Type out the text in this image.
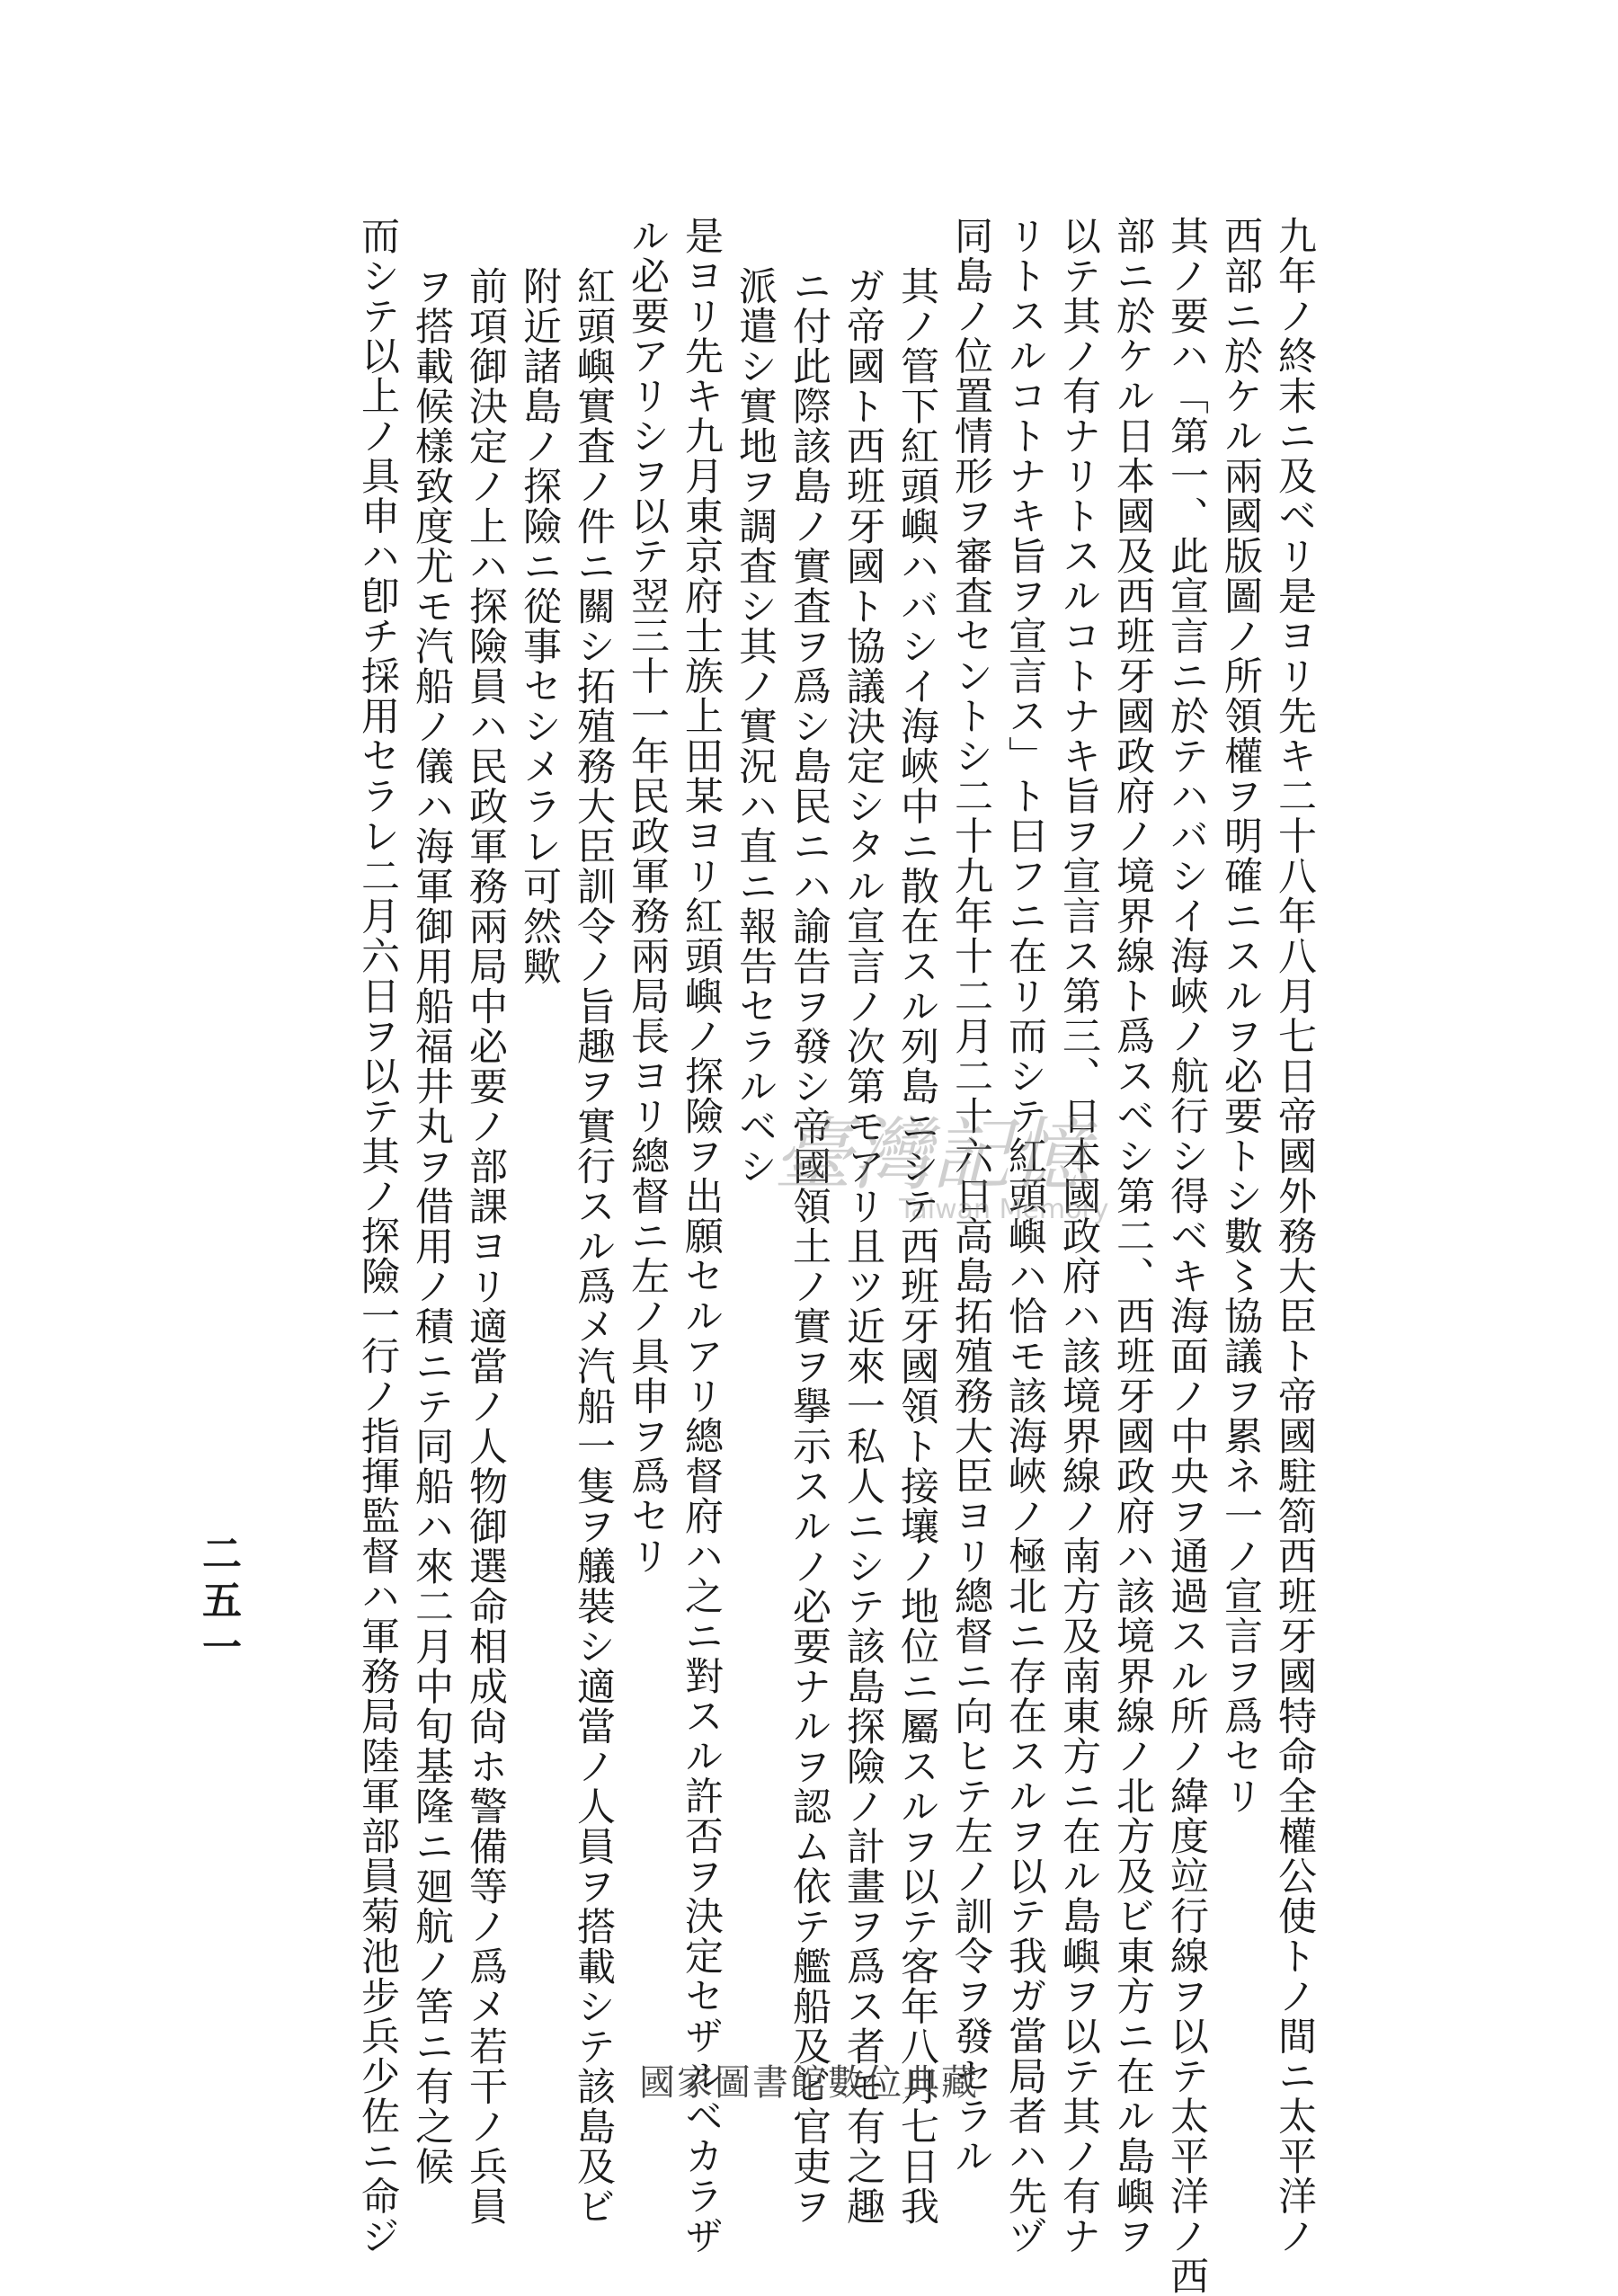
九年ノ終末ニ及ベリ是ヨリ先キ二十八年八月七日帝國外務大臣ト帝國駐箚西班牙國特命全權公使トノ間ニ太平洋ノ
西部ニ於ケル兩國版圖ノ所領權ヲ明確ニスルヲ必要トシ數〻協議ヲ累ネ一ノ宣言ヲ爲セリ
其ノ要ハ「第一、此宣言ニ於テハバシイ海峽ノ航行シ得ベキ海面ノ中央ヲ通過スル所ノ緯度竝行線ヲ以テ太平洋ノ西
部ニ於ケル日本國及西班牙國政府ノ境界線ト爲スベシ第二、西班牙國政府ハ該境界線ノ北方及ビ東方ニ在ル島嶼ヲ
以テ其ノ有ナリトスルコトナキ旨ヲ宣言ス第三、日本國政府ハ該境界線ノ南方及南東方ニ在ル島嶼ヲ以テ其ノ有ナ
リトスルコトナキ旨ヲ宣言ス」ト曰フニ在リ而シテ紅頭嶼ハ恰モ該海峽ノ極北ニ存在スルヲ以テ我ガ當局者ハ先ヅ
同島ノ位置情形ヲ審査セントシ二十九年十二月二十六日高島拓殖務大臣ヨリ總督ニ向ヒテ左ノ訓令ヲ發セラル
其ノ管下紅頭嶼ハバシイ海峽中ニ散在スル列島ニシテ西班牙國領ト接壤ノ地位ニ屬スルヲ以テ客年八月七日我
ガ帝國ト西班牙國ト協議決定シタル宣言ノ次第モアリ且ツ近來一私人ニシテ該島探險ノ計畫ヲ爲ス者モ有之趣
ニ付此際該島ノ實査ヲ爲シ島民ニハ諭告ヲ發シ帝國領土ノ實ヲ擧示スルノ必要ナルヲ認ム依テ艦船及ビ官吏ヲ
派遣シ實地ヲ調査シ其ノ實況ハ直ニ報告セラルベシ
是ヨリ先キ九月東京府士族上田某ヨリ紅頭嶼ノ探險ヲ出願セルアリ總督府ハ之ニ對スル許否ヲ決定セザルベカラザ
ル必要アリシヲ以テ翌三十一年民政軍務兩局長ヨリ總督ニ左ノ具申ヲ爲セリ
紅頭嶼實査ノ件ニ關シ拓殖務大臣訓令ノ旨趣ヲ實行スル爲メ汽船一隻ヲ艤裝シ適當ノ人員ヲ搭載シテ該島及ビ
附近諸島ノ探險ニ從事セシメラレ可然歟
前項御決定ノ上ハ探險員ハ民政軍務兩局中必要ノ部課ヨリ適當ノ人物御選命相成尙ホ警備等ノ爲メ若干ノ兵員
ヲ搭載候樣致度尤モ汽船ノ儀ハ海軍御用船福井丸ヲ借用ノ積ニテ同船ハ來二月中旬基隆ニ廻航ノ筈ニ有之候
而シテ以上ノ具申ハ卽チ採用セラレ二月六日ヲ以テ其ノ探險一行ノ指揮監督ハ軍務局陸軍部員菊池步兵少佐ニ命ジ
二五一
臺灣記憶
Taiwan Memory
國家圖書館數位典藏
